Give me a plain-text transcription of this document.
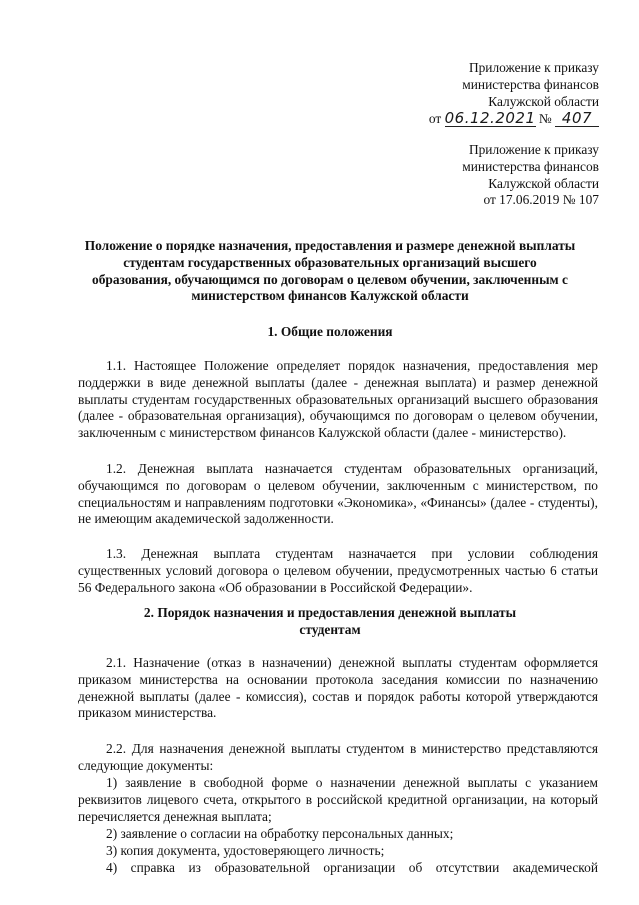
Приложение к приказу

министерства финансов

Калужской области

от 06.12.2021 № 407

Приложение к приказу

министерства финансов

Калужской области

от 17.06.2019 № 107

Положение о порядке назначения, предоставления и размере денежной выплаты

студентам государственных образовательных организаций высшего

образования, обучающимся по договорам о целевом обучении, заключенным с

министерством финансов Калужской области

1. Общие положения

1.1. Настоящее Положение определяет порядок назначения, предоставления мер поддержки в виде денежной выплаты (далее - денежная выплата) и размер денежной выплаты студентам государственных образовательных организаций высшего образования (далее - образовательная организация), обучающимся по договорам о целевом обучении, заключенным с министерством финансов Калужской области (далее - министерство).

1.2. Денежная выплата назначается студентам образовательных организаций, обучающимся по договорам о целевом обучении, заключенным с министерством, по специальностям и направлениям подготовки «Экономика», «Финансы» (далее - студенты), не имеющим академической задолженности.

1.3. Денежная выплата студентам назначается при условии соблюдения существенных условий договора о целевом обучении, предусмотренных частью 6 статьи 56 Федерального закона «Об образовании в Российской Федерации».

2. Порядок назначения и предоставления денежной выплаты

студентам

2.1. Назначение (отказ в назначении) денежной выплаты студентам оформляется приказом министерства на основании протокола заседания комиссии по назначению денежной выплаты (далее - комиссия), состав и порядок работы которой утверждаются приказом министерства.

2.2. Для назначения денежной выплаты студентом в министерство представляются следующие документы:

1) заявление в свободной форме о назначении денежной выплаты с указанием реквизитов лицевого счета, открытого в российской кредитной организации, на который перечисляется денежная выплата;

2) заявление о согласии на обработку персональных данных;

3) копия документа, удостоверяющего личность;

4) справка из образовательной организации об отсутствии академической
